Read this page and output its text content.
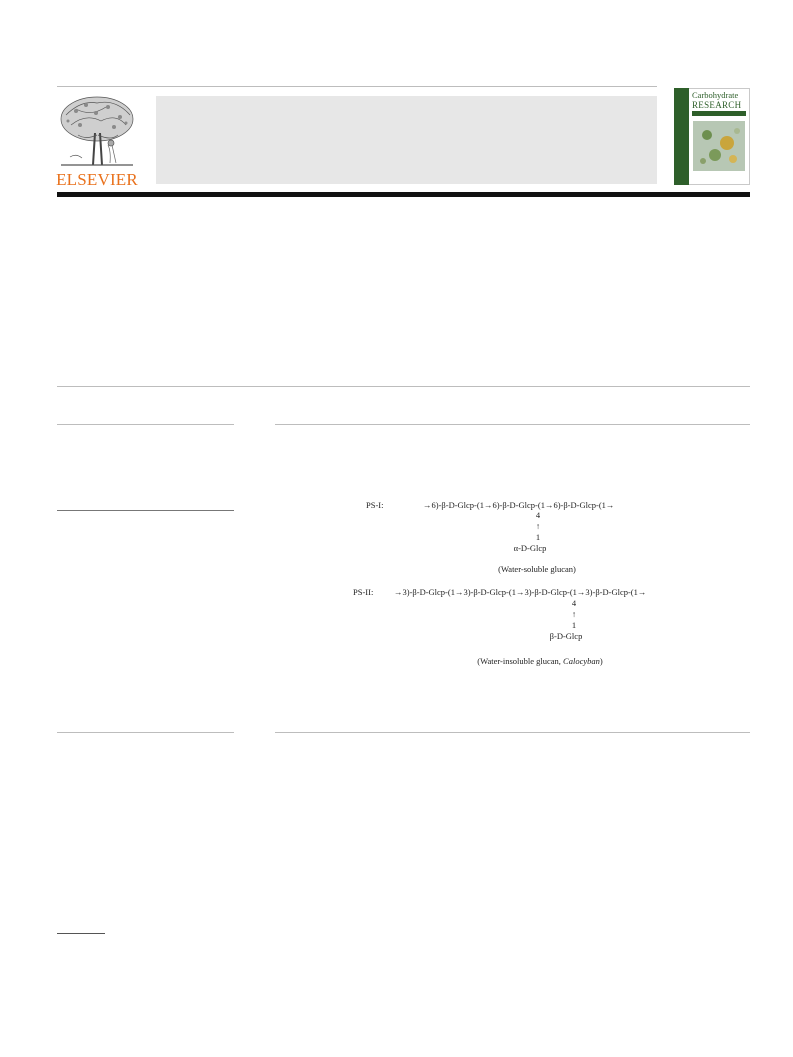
ELSEVIER
Carbohydrate
RESEARCH
PS-I:	→6)-β-D-Glcp-(1→6)-β-D-Glcp-(1→6)-β-D-Glcp-(1→
4
↑
1
α-D-Glcp
(Water-soluble glucan)
PS-II: →3)-β-D-Glcp-(1→3)-β-D-Glcp-(1→3)-β-D-Glcp-(1→3)-β-D-Glcp-(1→
4
↑
1
β-D-Glcp
(Water-insoluble glucan, Calocyban)
